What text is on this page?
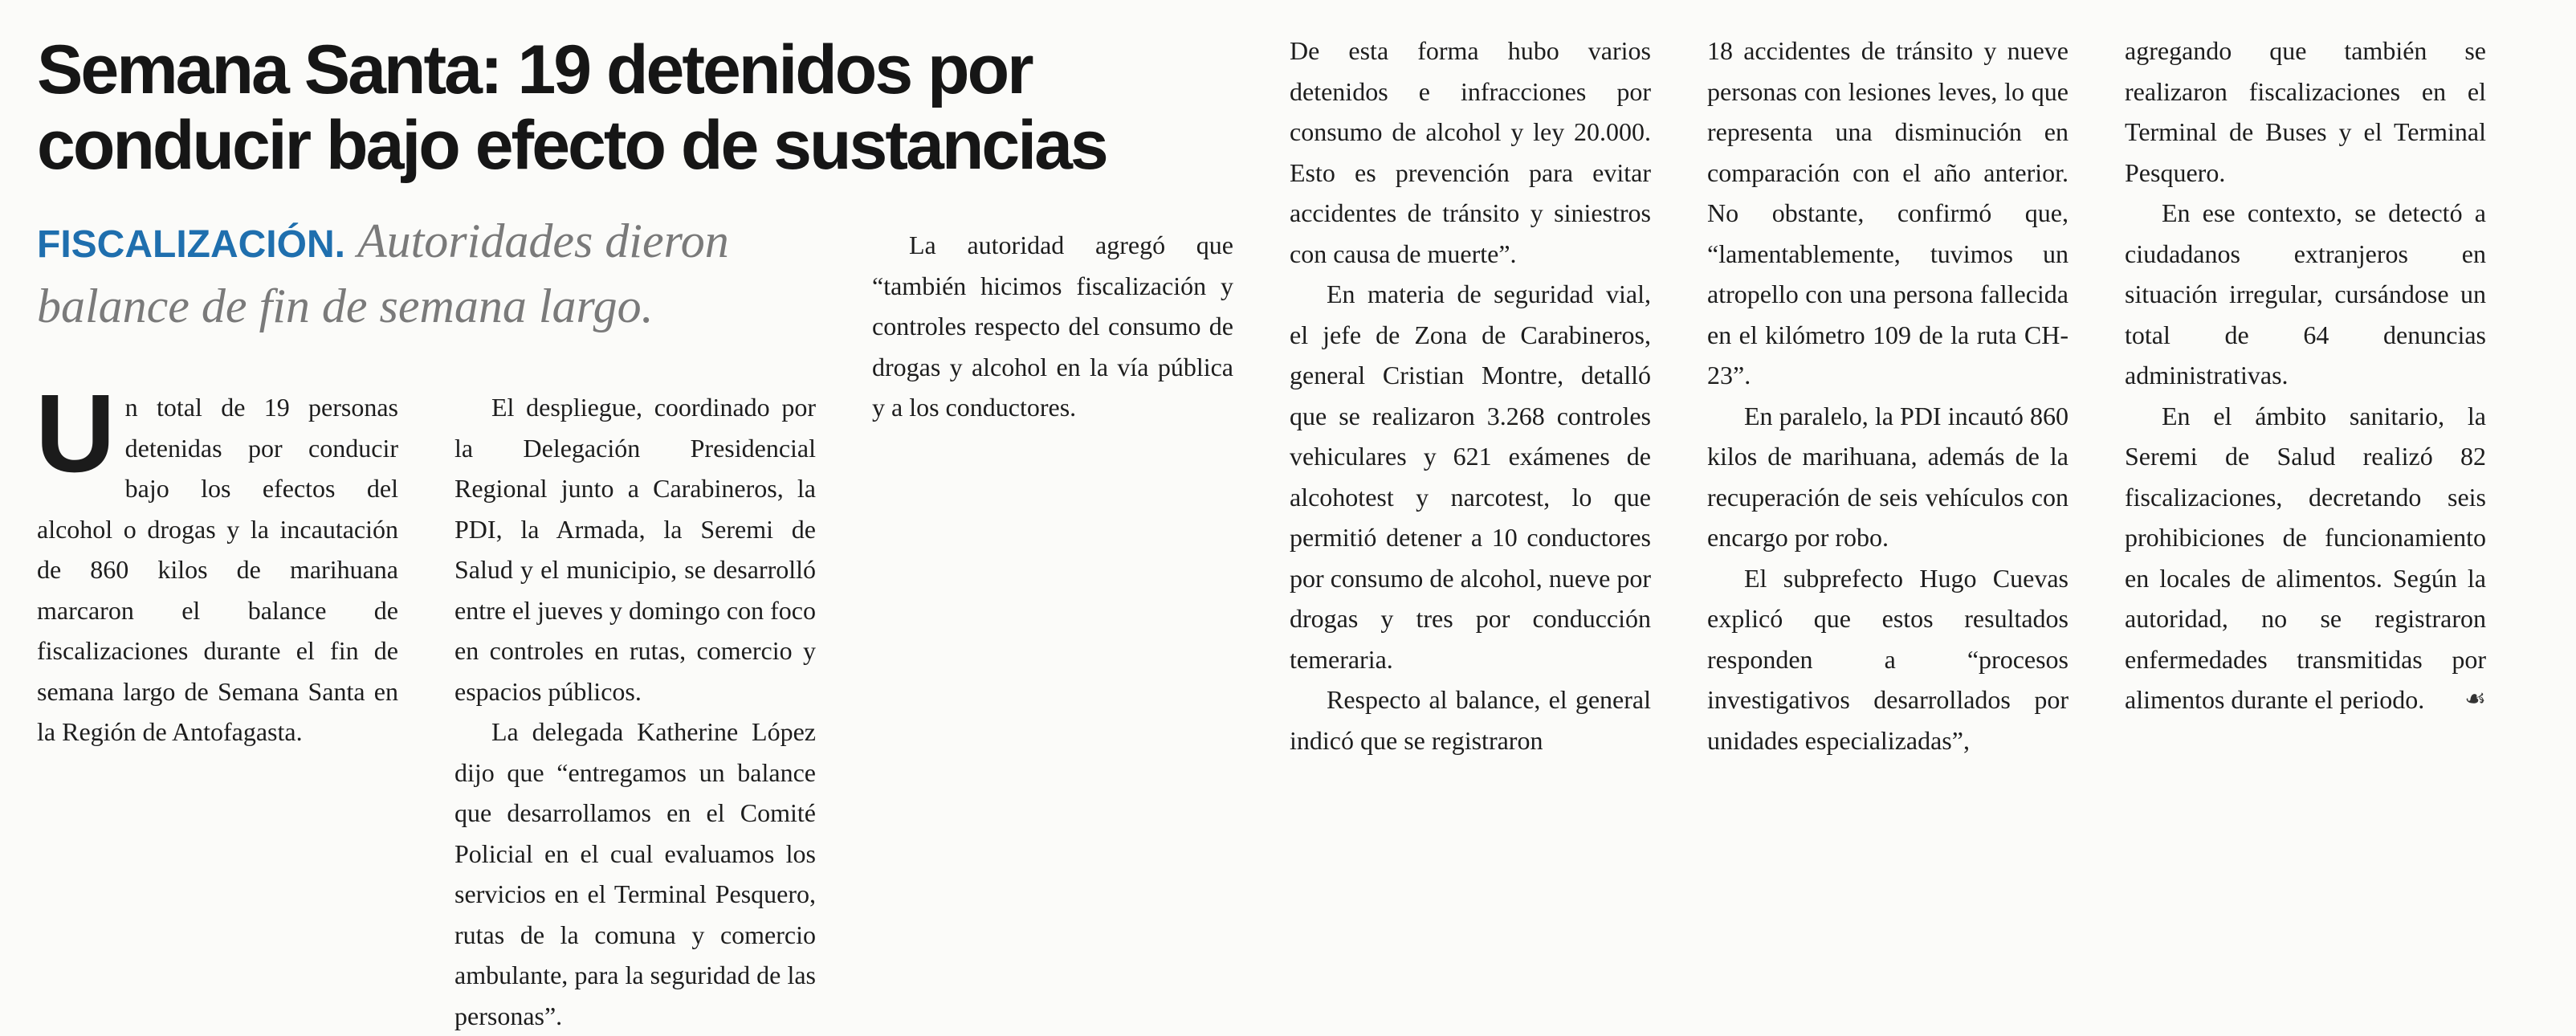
Semana Santa: 19 detenidos por conducir bajo efecto de sustancias

FISCALIZACIÓN. Autoridades dieron balance de fin de semana largo.

Un total de 19 personas detenidas por conducir bajo los efectos del alcohol o drogas y la incautación de 860 kilos de marihuana marcaron el balance de fiscalizaciones durante el fin de semana largo de Semana Santa en la Región de Antofagasta.

El despliegue, coordinado por la Delegación Presidencial Regional junto a Carabineros, la PDI, la Armada, la Seremi de Salud y el municipio, se desarrolló entre el jueves y domingo con foco en controles en rutas, comercio y espacios públicos.

La delegada Katherine López dijo que “entregamos un balance que desarrollamos en el Comité Policial en el cual evaluamos los servicios en el Terminal Pesquero, rutas de la comuna y comercio ambulante, para la seguridad de las personas”.

La autoridad agregó que “también hicimos fiscalización y controles respecto del consumo de drogas y alcohol en la vía pública y a los conductores.

De esta forma hubo varios detenidos e infracciones por consumo de alcohol y ley 20.000. Esto es prevención para evitar accidentes de tránsito y siniestros con causa de muerte”.

En materia de seguridad vial, el jefe de Zona de Carabineros, general Cristian Montre, detalló que se realizaron 3.268 controles vehiculares y 621 exámenes de alcohotest y narcotest, lo que permitió detener a 10 conductores por consumo de alcohol, nueve por drogas y tres por conducción temeraria.

Respecto al balance, el general indicó que se registraron

18 accidentes de tránsito y nueve personas con lesiones leves, lo que representa una disminución en comparación con el año anterior. No obstante, confirmó que, “lamentablemente, tuvimos un atropello con una persona fallecida en el kilómetro 109 de la ruta CH-23”.

En paralelo, la PDI incautó 860 kilos de marihuana, además de la recuperación de seis vehículos con encargo por robo.

El subprefecto Hugo Cuevas explicó que estos resultados responden a “procesos investigativos desarrollados por unidades especializadas”,

agregando que también se realizaron fiscalizaciones en el Terminal de Buses y el Terminal Pesquero.

En ese contexto, se detectó a ciudadanos extranjeros en situación irregular, cursándose un total de 64 denuncias administrativas.

En el ámbito sanitario, la Seremi de Salud realizó 82 fiscalizaciones, decretando seis prohibiciones de funcionamiento en locales de alimentos. Según la autoridad, no se registraron enfermedades transmitidas por alimentos durante el periodo. ☙
